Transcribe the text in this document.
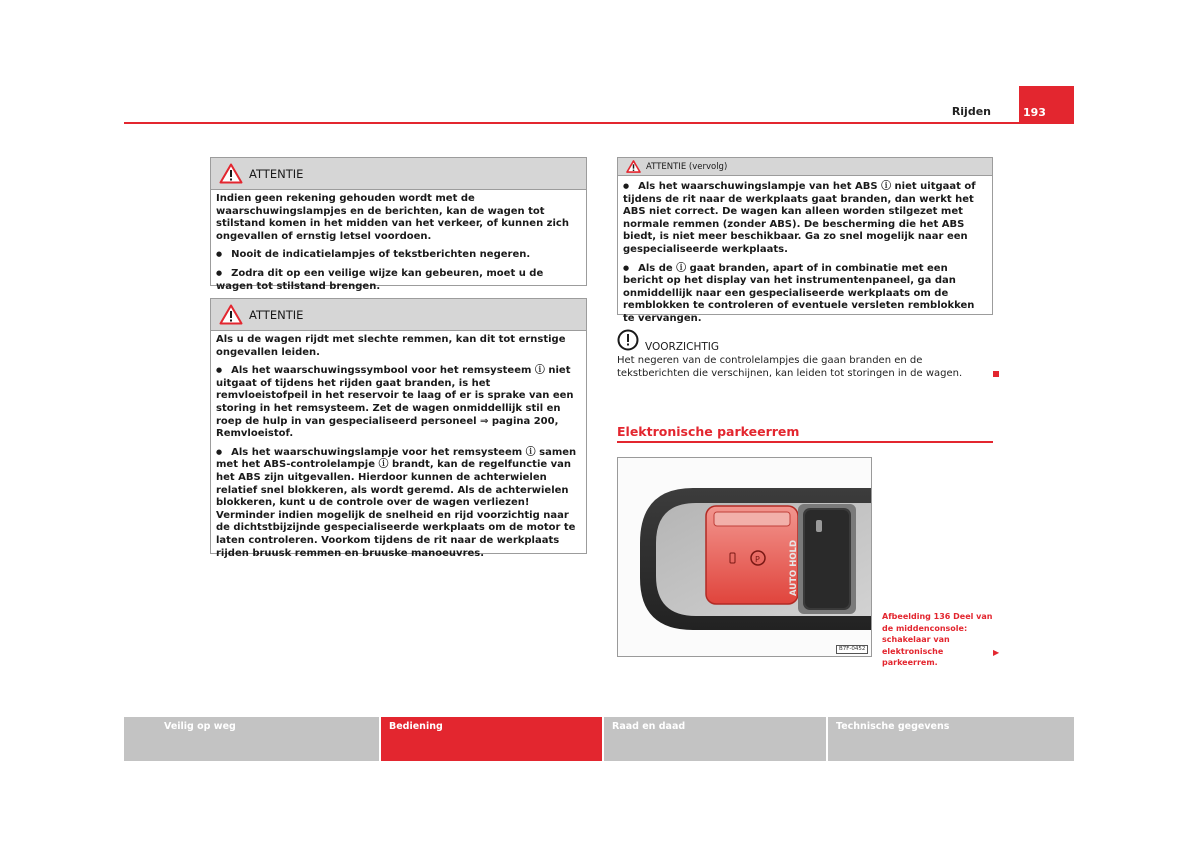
Rijden	193
ATTENTIE

Indien geen rekening gehouden wordt met de waarschuwingslampjes en de berichten, kan de wagen tot stilstand komen in het midden van het verkeer, of kunnen zich ongevallen of ernstig letsel voordoen.

● Nooit de indicatielampjes of tekstberichten negeren.

● Zodra dit op een veilige wijze kan gebeuren, moet u de wagen tot stilstand brengen.

ATTENTIE

Als u de wagen rijdt met slechte remmen, kan dit tot ernstige ongevallen leiden.

● Als het waarschuwingssymbool voor het remsysteem ⓘ niet uitgaat of tijdens het rijden gaat branden, is het remvloeistofpeil in het reservoir te laag of er is sprake van een storing in het remsysteem. Zet de wagen onmiddellijk stil en roep de hulp in van gespecialiseerd personeel ⇒ pagina 200, Remvloeistof.

● Als het waarschuwingslampje voor het remsysteem ⓘ samen met het ABS-controlelampje ⓘ brandt, kan de regelfunctie van het ABS zijn uitgevallen. Hierdoor kunnen de achterwielen relatief snel blokkeren, als wordt geremd. Als de achterwielen blokkeren, kunt u de controle over de wagen verliezen! Verminder indien mogelijk de snelheid en rijd voorzichtig naar de dichtstbijzijnde gespecialiseerde werkplaats om de motor te laten controleren. Voorkom tijdens de rit naar de werkplaats rijden bruusk remmen en bruuske manoeuvres.

ATTENTIE (vervolg)

● Als het waarschuwingslampje van het ABS ⓘ niet uitgaat of tijdens de rit naar de werkplaats gaat branden, dan werkt het ABS niet correct. De wagen kan alleen worden stilgezet met normale remmen (zonder ABS). De bescherming die het ABS biedt, is niet meer beschikbaar. Ga zo snel mogelijk naar een gespecialiseerde werkplaats.

● Als de ⓘ gaat branden, apart of in combinatie met een bericht op het display van het instrumentenpaneel, ga dan onmiddellijk naar een gespecialiseerde werkplaats om de remblokken te controleren of eventuele versleten remblokken te vervangen.

VOORZICHTIG
Het negeren van de controlelampjes die gaan branden en de tekstberichten die verschijnen, kan leiden tot storingen in de wagen.
Elektronische parkeerrem
P	AUTO HOLD
B7F-0452
Afbeelding 136 Deel van de middenconsole: schakelaar van elektronische parkeerrem.
▶
Veilig op weg	Bediening	Raad en daad	Technische gegevens
